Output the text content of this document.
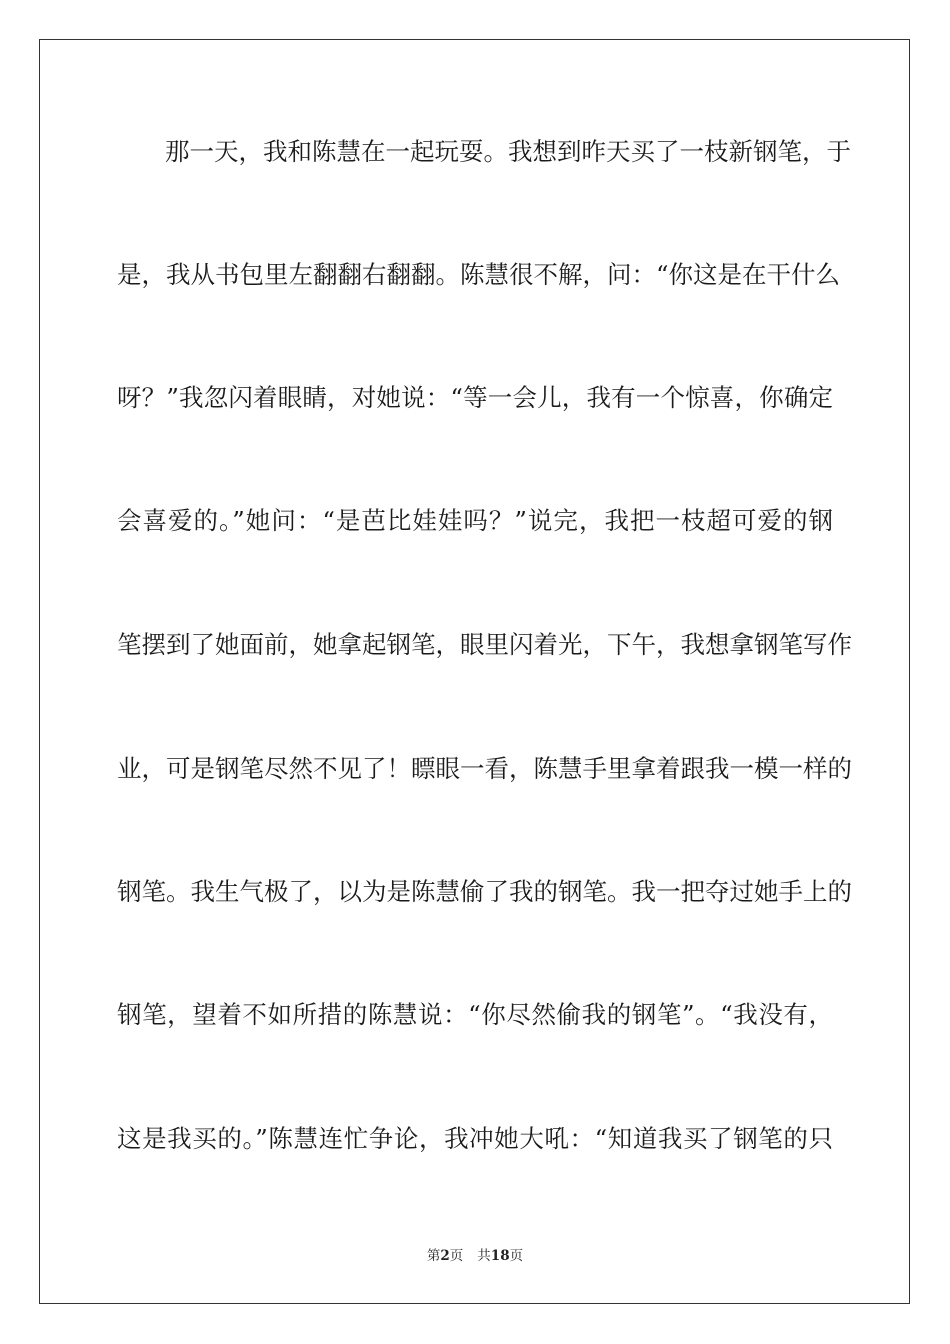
那一天，我和陈慧在一起玩耍。我想到昨天买了一枝新钢笔，于

是，我从书包里左翻翻右翻翻。陈慧很不解，问：“你这是在干什么

呀？”我忽闪着眼睛，对她说：“等一会儿，我有一个惊喜，你确定

会喜爱的。”她问：“是芭比娃娃吗？”说完，我把一枝超可爱的钢

笔摆到了她面前，她拿起钢笔，眼里闪着光，下午，我想拿钢笔写作

业，可是钢笔尽然不见了！瞟眼一看，陈慧手里拿着跟我一模一样的

钢笔。我生气极了，以为是陈慧偷了我的钢笔。我一把夺过她手上的

钢笔，望着不如所措的陈慧说：“你尽然偷我的钢笔”。“我没有，

这是我买的。”陈慧连忙争论，我冲她大吼：“知道我买了钢笔的只

第2页 共18页
